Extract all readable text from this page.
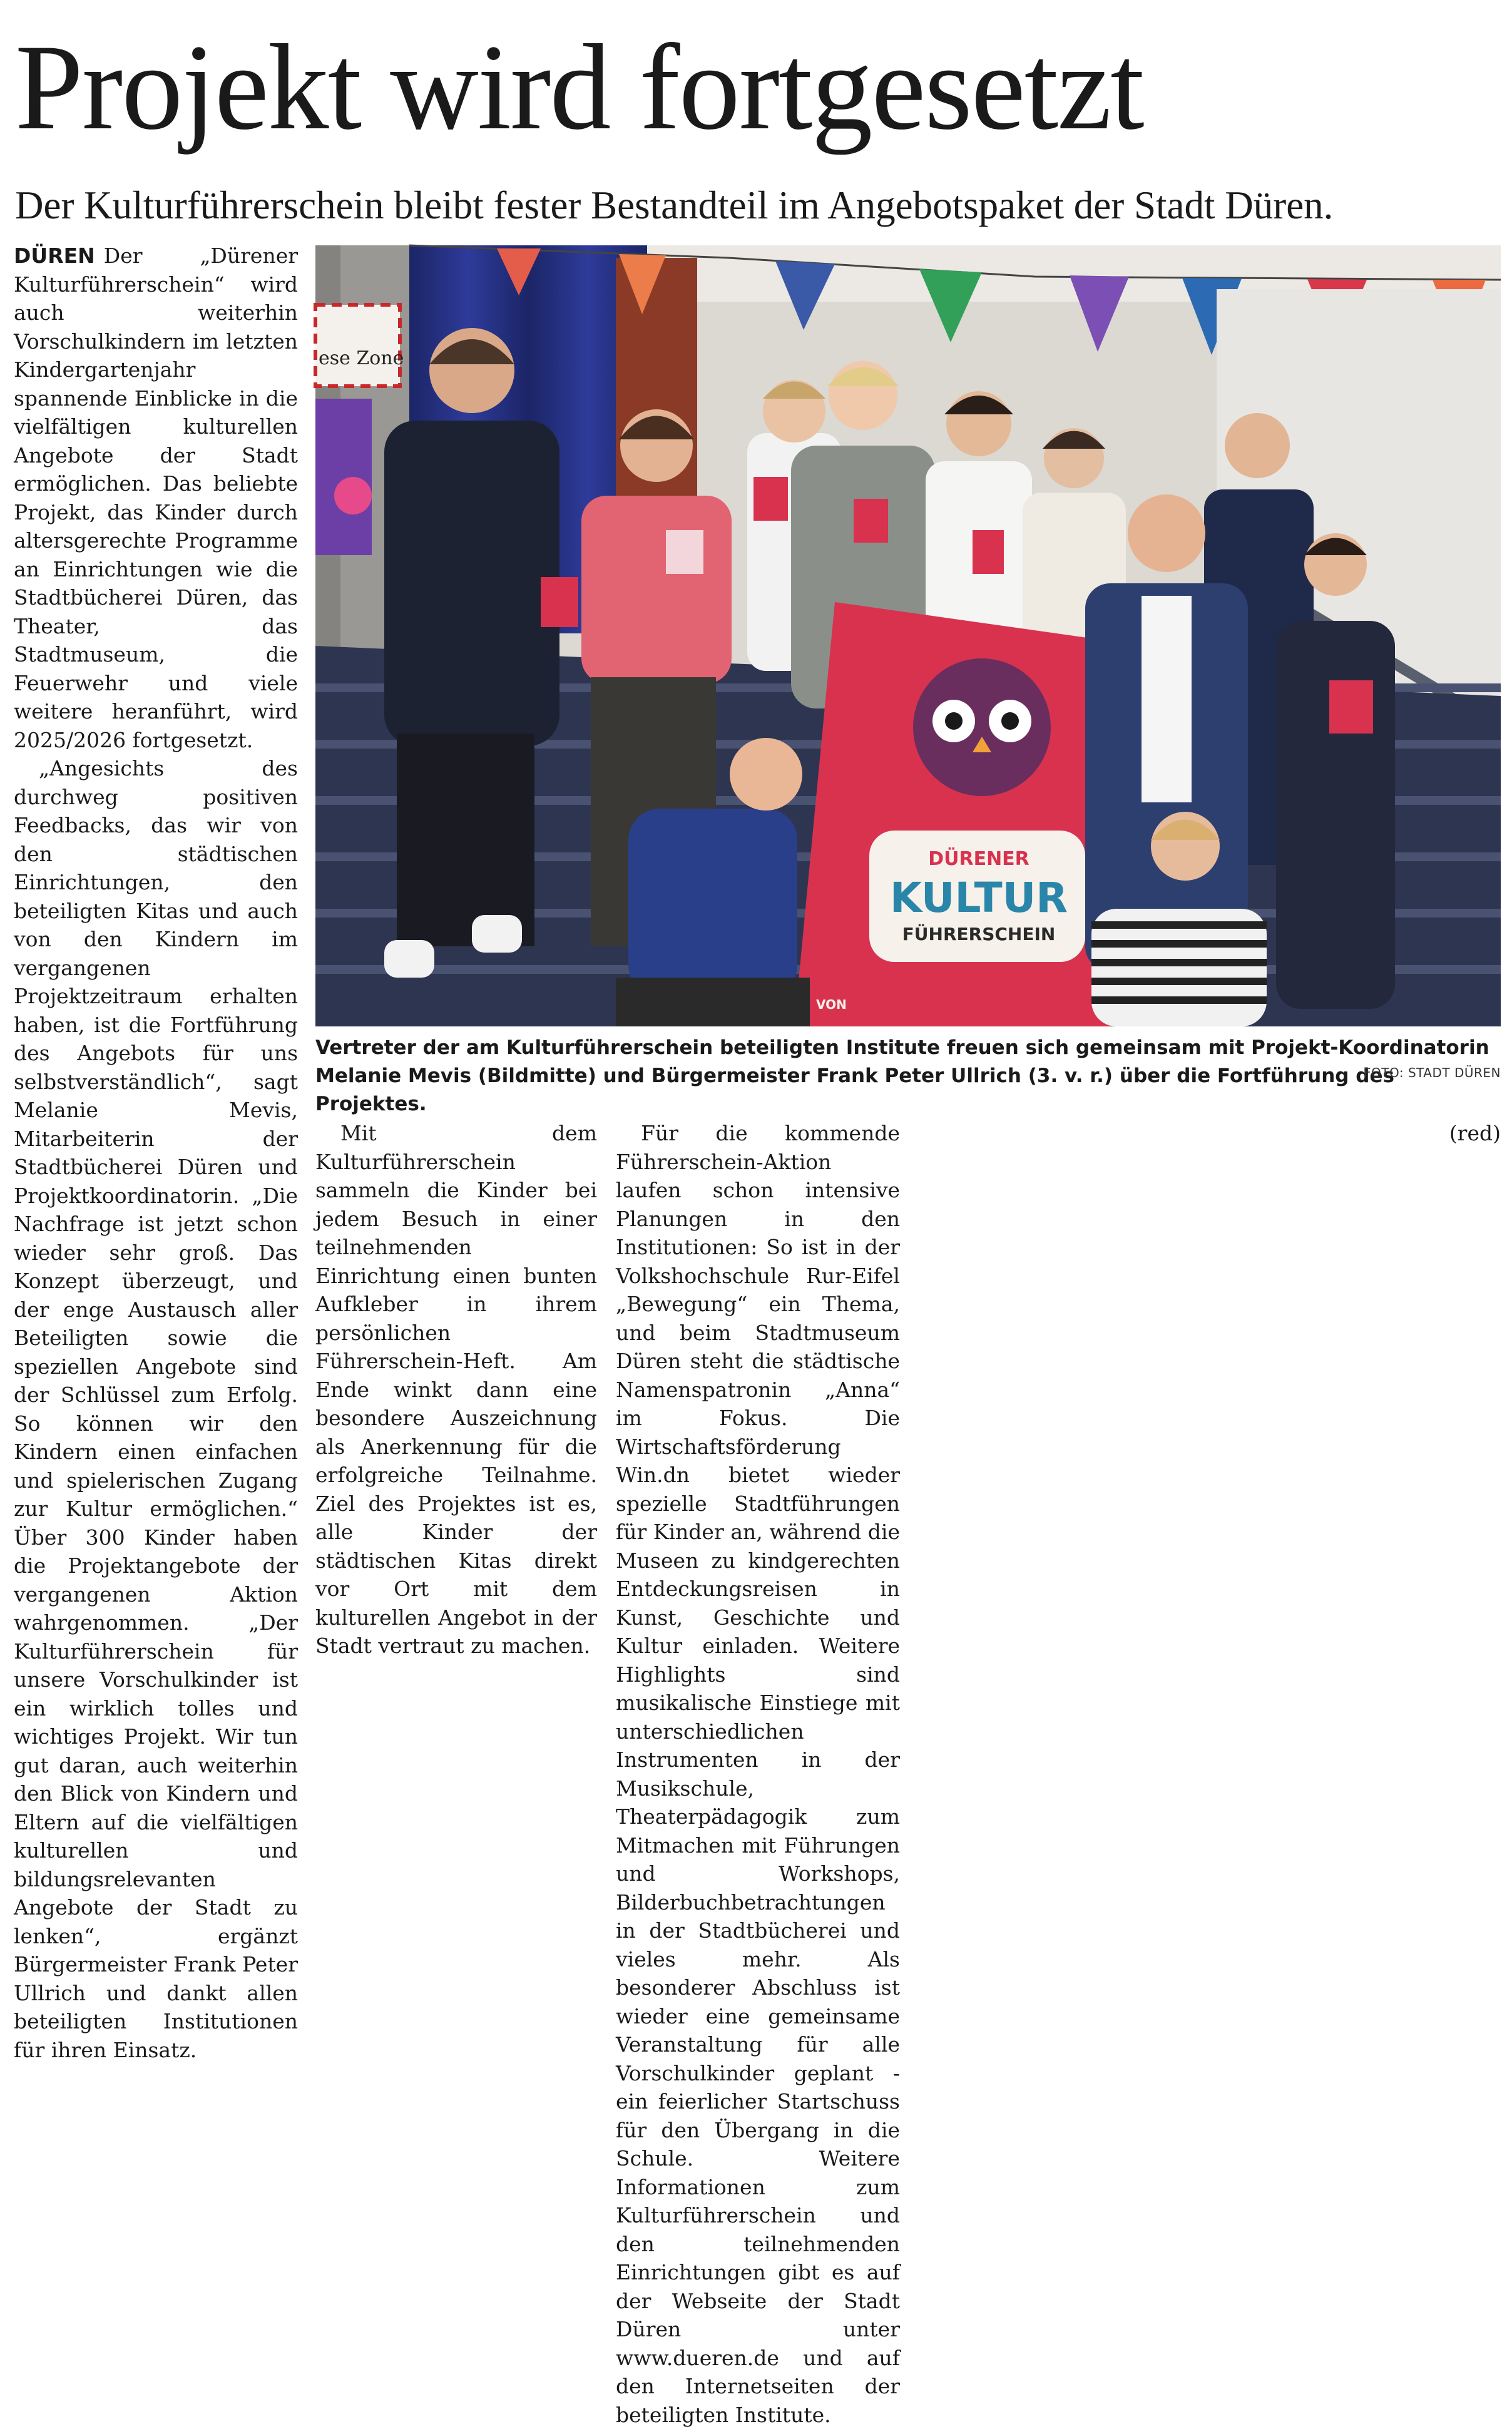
Projekt wird fortgesetzt
Der Kulturführerschein bleibt fester Bestandteil im Angebotspaket der Stadt Düren.
ese Zone
DÜRENER
KULTUR
FÜHRERSCHEIN
VON

Vertreter der am Kulturführerschein beteiligten Institute freuen sich gemeinsam mit Projekt-Koordinatorin Melanie Mevis (Bildmitte) und Bürgermeister Frank Peter Ullrich (3. v. r.) über die Fortführung des Projektes.

FOTO: STADT DÜREN

DÜREN Der „Dürener Kulturführerschein“ wird auch weiterhin Vorschulkindern im letzten Kindergartenjahr spannende Einblicke in die vielfältigen kulturellen Angebote der Stadt ermöglichen. Das beliebte Projekt, das Kinder durch altersgerechte Programme an Einrichtungen wie die Stadtbücherei Düren, das Theater, das Stadtmuseum, die Feuerwehr und viele weitere heranführt, wird 2025/2026 fortgesetzt.

„Angesichts des durchweg positiven Feedbacks, das wir von den städtischen Einrichtungen, den beteiligten Kitas und auch von den Kindern im vergangenen Projektzeitraum erhalten haben, ist die Fortführung des Angebots für uns selbstverständlich“, sagt Melanie Mevis, Mitarbeiterin der Stadtbücherei Düren und Projektkoordinatorin. „Die Nachfrage ist jetzt schon wieder sehr groß. Das Konzept überzeugt, und der enge Austausch aller Beteiligten sowie die speziellen Angebote sind der Schlüssel zum Erfolg. So können wir den Kindern einen einfachen und spielerischen Zugang zur Kultur ermöglichen.“ Über 300 Kinder haben die Projektangebote der vergangenen Aktion wahrgenommen. „Der Kulturführerschein für unsere Vorschulkinder ist ein wirklich tolles und wichtiges Projekt. Wir tun gut daran, auch weiterhin den Blick von Kindern und Eltern auf die vielfältigen kulturellen und bildungsrelevanten Angebote der Stadt zu lenken“, ergänzt Bürgermeister Frank Peter Ullrich und dankt allen beteiligten Institutionen für ihren Einsatz.

Mit dem Kulturführerschein sammeln die Kinder bei jedem Besuch in einer teilnehmenden Einrichtung einen bunten Aufkleber in ihrem persönlichen Führerschein-Heft. Am Ende winkt dann eine besondere Auszeichnung als Anerkennung für die erfolgreiche Teilnahme. Ziel des Projektes ist es, alle Kinder der städtischen Kitas direkt vor Ort mit dem kulturellen Angebot in der Stadt vertraut zu machen.

Für die kommende Führerschein-Aktion laufen schon intensive Planungen in den Institutionen: So ist in der Volkshochschule Rur-Eifel „Bewegung“ ein Thema, und beim Stadtmuseum Düren steht die städtische Namenspatronin „Anna“ im Fokus. Die Wirtschaftsförderung Win.dn bietet wieder spezielle Stadtführungen für Kinder an, während die Museen zu kindgerechten Entdeckungsreisen in Kunst, Geschichte und Kultur einladen. Weitere Highlights sind musikalische Einstiege mit unterschiedlichen Instrumenten in der Musikschule, Theaterpädagogik zum Mitmachen mit Führungen und Workshops, Bilderbuchbetrachtungen in der Stadtbücherei und vieles mehr. Als besonderer Abschluss ist wieder eine gemeinsame Veranstaltung für alle Vorschulkinder geplant - ein feierlicher Startschuss für den Übergang in die Schule. Weitere Informationen zum Kulturführerschein und den teilnehmenden Einrichtungen gibt es auf der Webseite der Stadt Düren unter www.dueren.de und auf den Internetseiten der beteiligten Institute.

(red)
